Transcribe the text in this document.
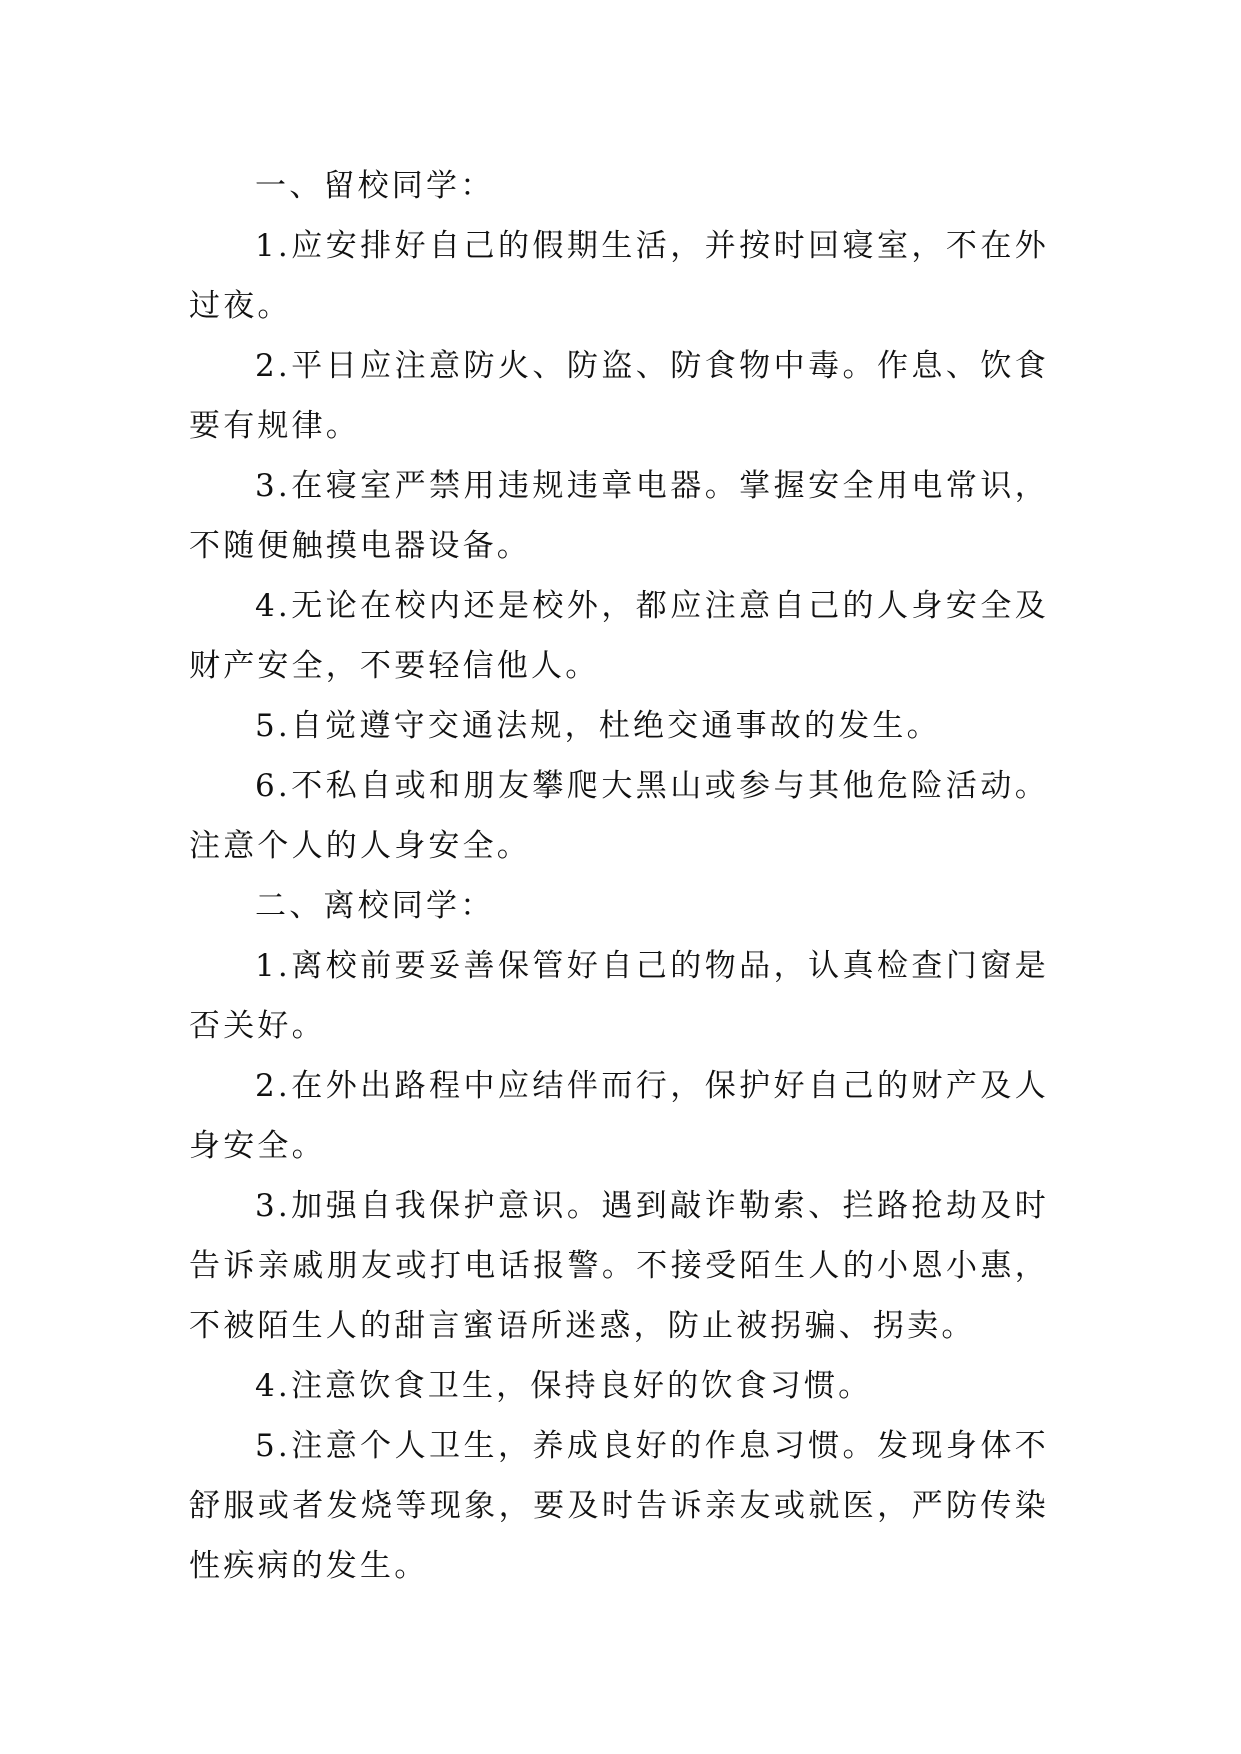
一、留校同学：

1.应安排好自己的假期生活，并按时回寝室，不在外过夜。

2.平日应注意防火、防盗、防食物中毒。作息、饮食要有规律。

3.在寝室严禁用违规违章电器。掌握安全用电常识，不随便触摸电器设备。

4.无论在校内还是校外，都应注意自己的人身安全及财产安全，不要轻信他人。

5.自觉遵守交通法规，杜绝交通事故的发生。

6.不私自或和朋友攀爬大黑山或参与其他危险活动。注意个人的人身安全。

二、离校同学：

1.离校前要妥善保管好自己的物品，认真检查门窗是否关好。

2.在外出路程中应结伴而行，保护好自己的财产及人身安全。

3.加强自我保护意识。遇到敲诈勒索、拦路抢劫及时告诉亲戚朋友或打电话报警。不接受陌生人的小恩小惠，不被陌生人的甜言蜜语所迷惑，防止被拐骗、拐卖。

4.注意饮食卫生，保持良好的饮食习惯。

5.注意个人卫生，养成良好的作息习惯。发现身体不舒服或者发烧等现象，要及时告诉亲友或就医，严防传染性疾病的发生。
